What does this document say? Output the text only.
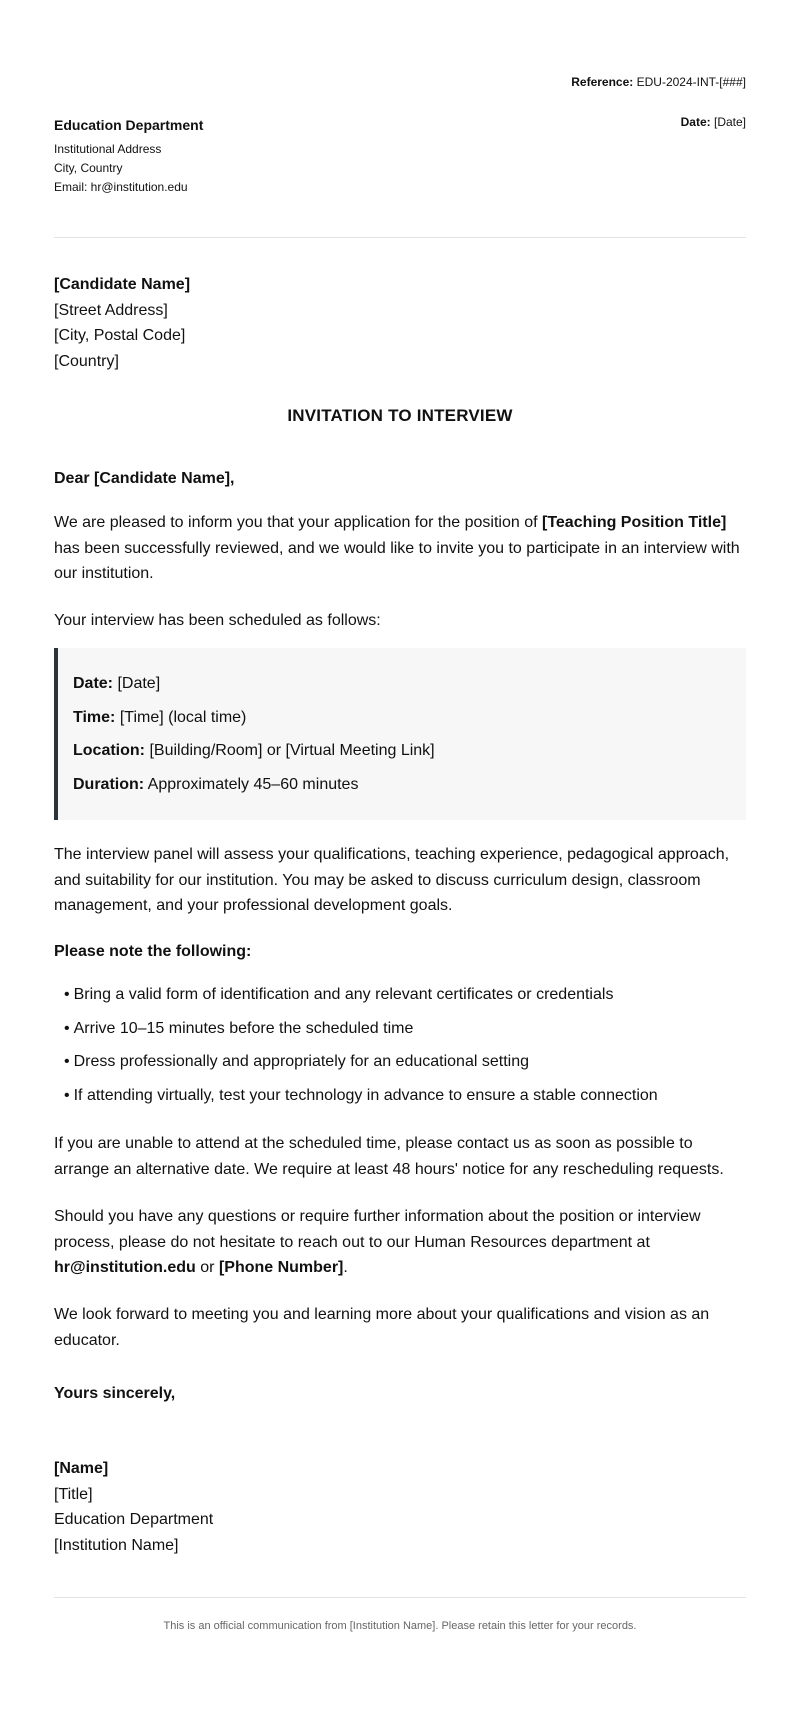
Reference: EDU-2024-INT-[###]
Education Department
Institutional Address
City, Country
Email: hr@institution.edu
Date: [Date]
[Candidate Name]
[Street Address]
[City, Postal Code]
[Country]
INVITATION TO INTERVIEW
Dear [Candidate Name],
We are pleased to inform you that your application for the position of [Teaching Position Title] has been successfully reviewed, and we would like to invite you to participate in an interview with our institution.
Your interview has been scheduled as follows:
Date: [Date]
Time: [Time] (local time)
Location: [Building/Room] or [Virtual Meeting Link]
Duration: Approximately 45–60 minutes
The interview panel will assess your qualifications, teaching experience, pedagogical approach, and suitability for our institution. You may be asked to discuss curriculum design, classroom management, and your professional development goals.
Please note the following:
• Bring a valid form of identification and any relevant certificates or credentials
• Arrive 10–15 minutes before the scheduled time
• Dress professionally and appropriately for an educational setting
• If attending virtually, test your technology in advance to ensure a stable connection
If you are unable to attend at the scheduled time, please contact us as soon as possible to arrange an alternative date. We require at least 48 hours' notice for any rescheduling requests.
Should you have any questions or require further information about the position or interview process, please do not hesitate to reach out to our Human Resources department at hr@institution.edu or [Phone Number].
We look forward to meeting you and learning more about your qualifications and vision as an educator.
Yours sincerely,
[Name]
[Title]
Education Department
[Institution Name]
This is an official communication from [Institution Name]. Please retain this letter for your records.
